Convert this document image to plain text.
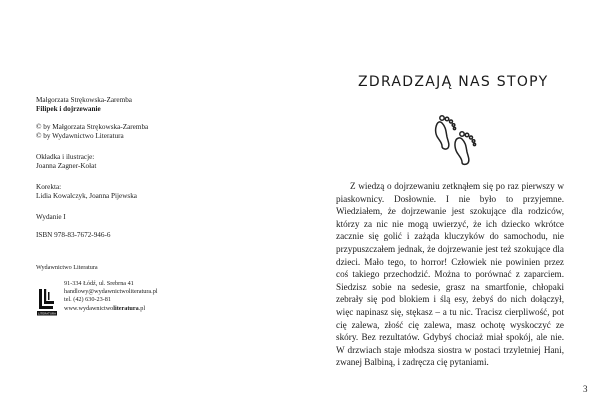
Małgorzata Strękowska-Zaremba

Filipek i dojrzewanie

© by Małgorzata Strękowska-Zaremba

© by Wydawnictwo Literatura

Okładka i ilustracje:

Joanna Zagner-Kołat

Korekta:

Lidia Kowalczyk, Joanna Pijewska

Wydanie I

ISBN 978-83-7672-946-6

Wydawnictwo Literatura
LITERATURA

91-334 Łódź, ul. Srebrna 41

handlowy@wydawnictwoliteratura.pl

tel. (42) 630-23-81

www.wydawnictwoliteratura.pl

ZDRADZAJĄ NAS STOPY

Z wiedzą o dojrzewaniu zetknąłem się po raz pierwszy w piaskownicy. Dosłownie. I nie było to przyjemne. Wiedziałem, że dojrzewanie jest szokujące dla rodziców, którzy za nic nie mogą uwierzyć, że ich dziecko wkrótce zacznie się golić i zażąda kluczyków do samochodu, nie przypuszczałem jednak, że dojrzewanie jest też szokujące dla dzieci. Mało tego, to horror! Człowiek nie powinien przez coś takiego przechodzić. Można to porównać z zaparciem. Siedzisz sobie na sedesie, grasz na smartfonie, chłopaki zebrały się pod blokiem i ślą esy, żebyś do nich dołączył, więc napinasz się, stękasz – a tu nic. Tracisz cierpliwość, pot cię zalewa, złość cię zalewa, masz ochotę wyskoczyć ze skóry. Bez rezultatów. Gdybyś chociaż miał spokój, ale nie. W drzwiach staje młodsza siostra w postaci trzyletniej Hani, zwanej Balbiną, i zadręcza cię pytaniami.

3
